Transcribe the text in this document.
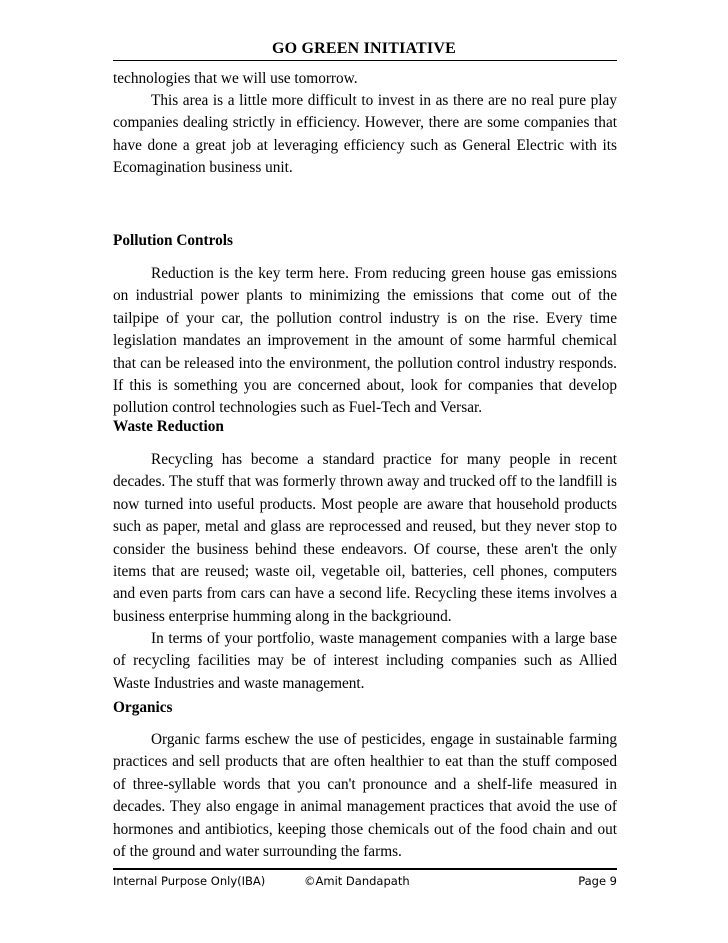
GO GREEN INITIATIVE

technologies that we will use tomorrow.

This area is a little more difficult to invest in as there are no real pure play companies dealing strictly in efficiency. However, there are some companies that have done a great job at leveraging efficiency such as General Electric with its Ecomagination business unit.

Pollution Controls

Reduction is the key term here. From reducing green house gas emissions on industrial power plants to minimizing the emissions that come out of the tailpipe of your car, the pollution control industry is on the rise. Every time legislation mandates an improvement in the amount of some harmful chemical that can be released into the environment, the pollution control industry responds. If this is something you are concerned about, look for companies that develop pollution control technologies such as Fuel-Tech and Versar.

Waste Reduction

Recycling has become a standard practice for many people in recent decades. The stuff that was formerly thrown away and trucked off to the landfill is now turned into useful products. Most people are aware that household products such as paper, metal and glass are reprocessed and reused, but they never stop to consider the business behind these endeavors. Of course, these aren't the only items that are reused; waste oil, vegetable oil, batteries, cell phones, computers and even parts from cars can have a second life. Recycling these items involves a business enterprise humming along in the backgriound.

In terms of your portfolio, waste management companies with a large base of recycling facilities may be of interest including companies such as Allied Waste Industries and waste management.

Organics

Organic farms eschew the use of pesticides, engage in sustainable farming practices and sell products that are often healthier to eat than the stuff composed of three-syllable words that you can't pronounce and a shelf-life measured in decades. They also engage in animal management practices that avoid the use of hormones and antibiotics, keeping those chemicals out of the food chain and out of the ground and water surrounding the farms.

Internal Purpose Only(IBA)	©Amit Dandapath	Page 9
